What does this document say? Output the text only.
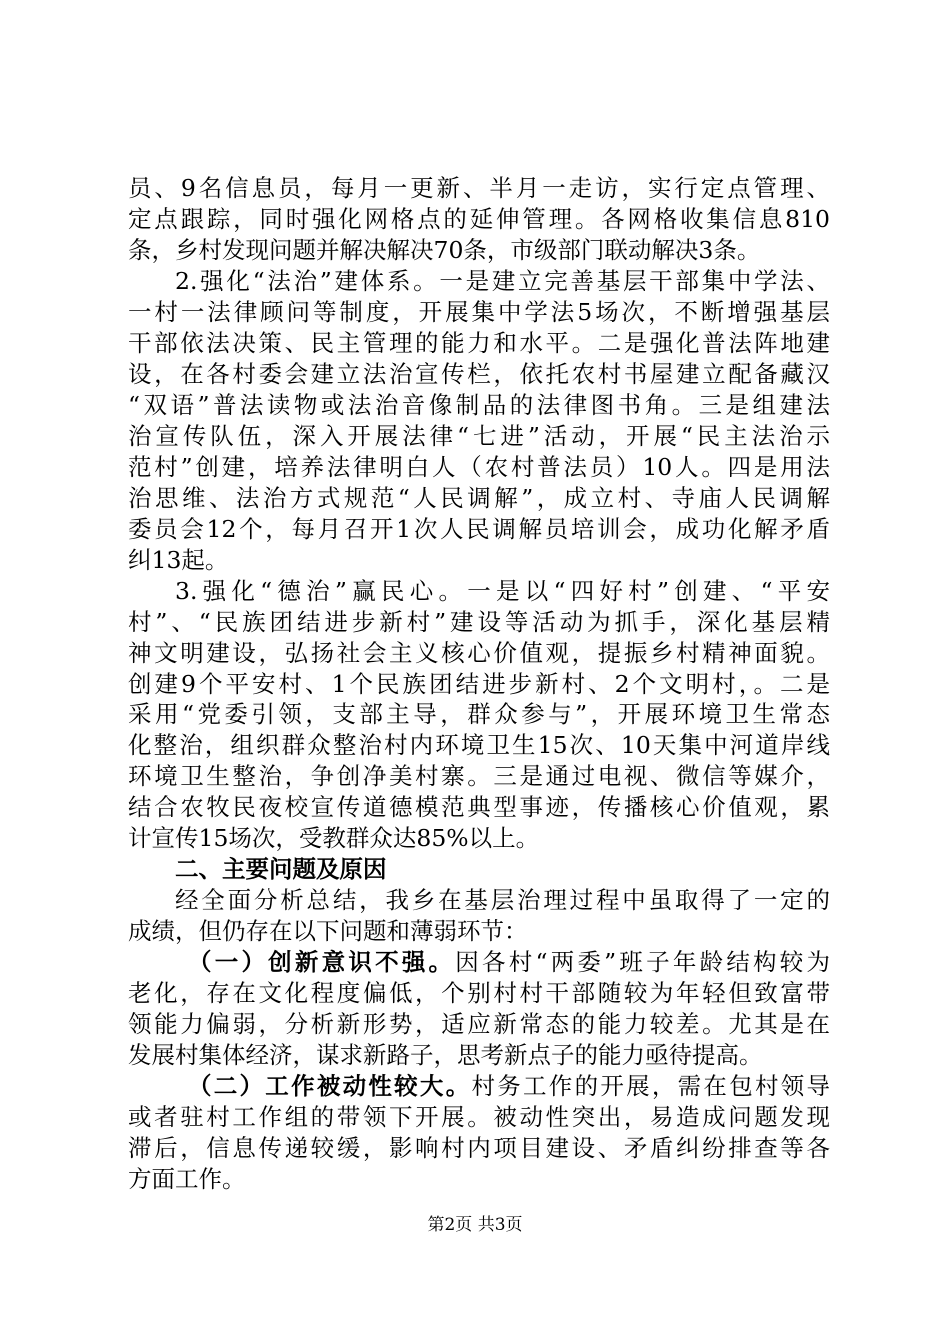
员、9名信息员，每月一更新、半月一走访，实行定点管理、
定点跟踪，同时强化网格点的延伸管理。各网格收集信息810
条，乡村发现问题并解决解决70条，市级部门联动解决3条。
2.强化“法治”建体系。一是建立完善基层干部集中学法、
一村一法律顾问等制度，开展集中学法5场次，不断增强基层
干部依法决策、民主管理的能力和水平。二是强化普法阵地建
设，在各村委会建立法治宣传栏，依托农村书屋建立配备藏汉
“双语”普法读物或法治音像制品的法律图书角。三是组建法
治宣传队伍，深入开展法律“七进”活动，开展“民主法治示
范村”创建，培养法律明白人（农村普法员）10人。四是用法
治思维、法治方式规范“人民调解”，成立村、寺庙人民调解
委员会12个，每月召开1次人民调解员培训会，成功化解矛盾
纠13起。
3.强化“德治”赢民心。一是以“四好村”创建、“平安
村”、“民族团结进步新村”建设等活动为抓手，深化基层精
神文明建设，弘扬社会主义核心价值观，提振乡村精神面貌。
创建9个平安村、1个民族团结进步新村、2个文明村，。二是
采用“党委引领，支部主导，群众参与”，开展环境卫生常态
化整治，组织群众整治村内环境卫生15次、10天集中河道岸线
环境卫生整治，争创净美村寨。三是通过电视、微信等媒介，
结合农牧民夜校宣传道德模范典型事迹，传播核心价值观，累
计宣传15场次，受教群众达85%以上。
二、主要问题及原因
经全面分析总结，我乡在基层治理过程中虽取得了一定的
成绩，但仍存在以下问题和薄弱环节：
（一）创新意识不强。因各村“两委”班子年龄结构较为
老化，存在文化程度偏低，个别村村干部随较为年轻但致富带
领能力偏弱，分析新形势，适应新常态的能力较差。尤其是在
发展村集体经济，谋求新路子，思考新点子的能力亟待提高。
（二）工作被动性较大。村务工作的开展，需在包村领导
或者驻村工作组的带领下开展。被动性突出，易造成问题发现
滞后，信息传递较缓，影响村内项目建设、矛盾纠纷排查等各
方面工作。
第2页 共3页
